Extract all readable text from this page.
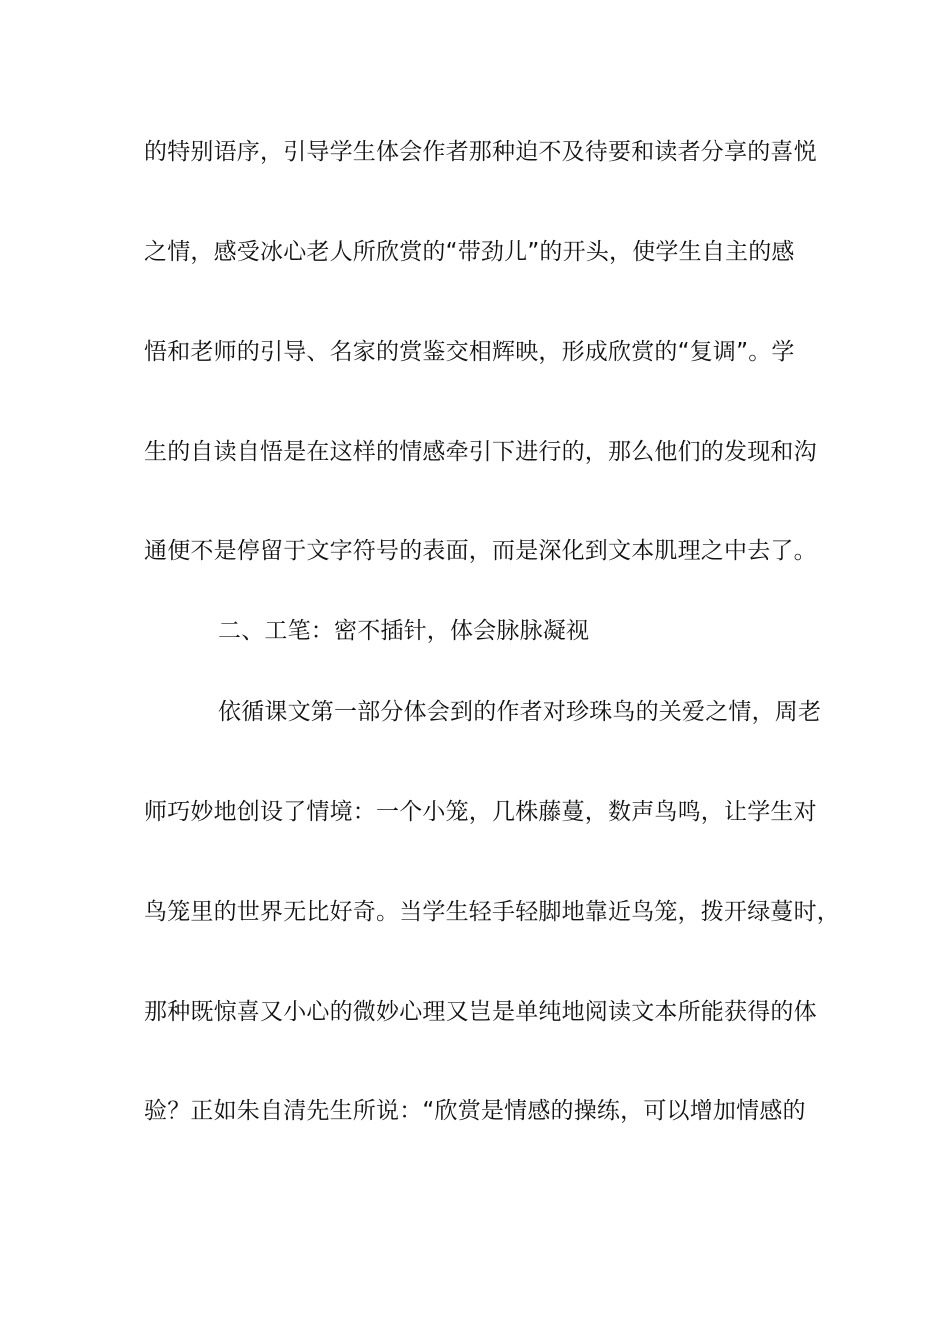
的特别语序，引导学生体会作者那种迫不及待要和读者分享的喜悦
之情，感受冰心老人所欣赏的“带劲儿”的开头，使学生自主的感
悟和老师的引导、名家的赏鉴交相辉映，形成欣赏的“复调”。学
生的自读自悟是在这样的情感牵引下进行的，那么他们的发现和沟
通便不是停留于文字符号的表面，而是深化到文本肌理之中去了。
二、工笔：密不插针，体会脉脉凝视
依循课文第一部分体会到的作者对珍珠鸟的关爱之情，周老
师巧妙地创设了情境：一个小笼，几株藤蔓，数声鸟鸣，让学生对
鸟笼里的世界无比好奇。当学生轻手轻脚地靠近鸟笼，拨开绿蔓时，
那种既惊喜又小心的微妙心理又岂是单纯地阅读文本所能获得的体
验？正如朱自清先生所说：“欣赏是情感的操练，可以增加情感的
